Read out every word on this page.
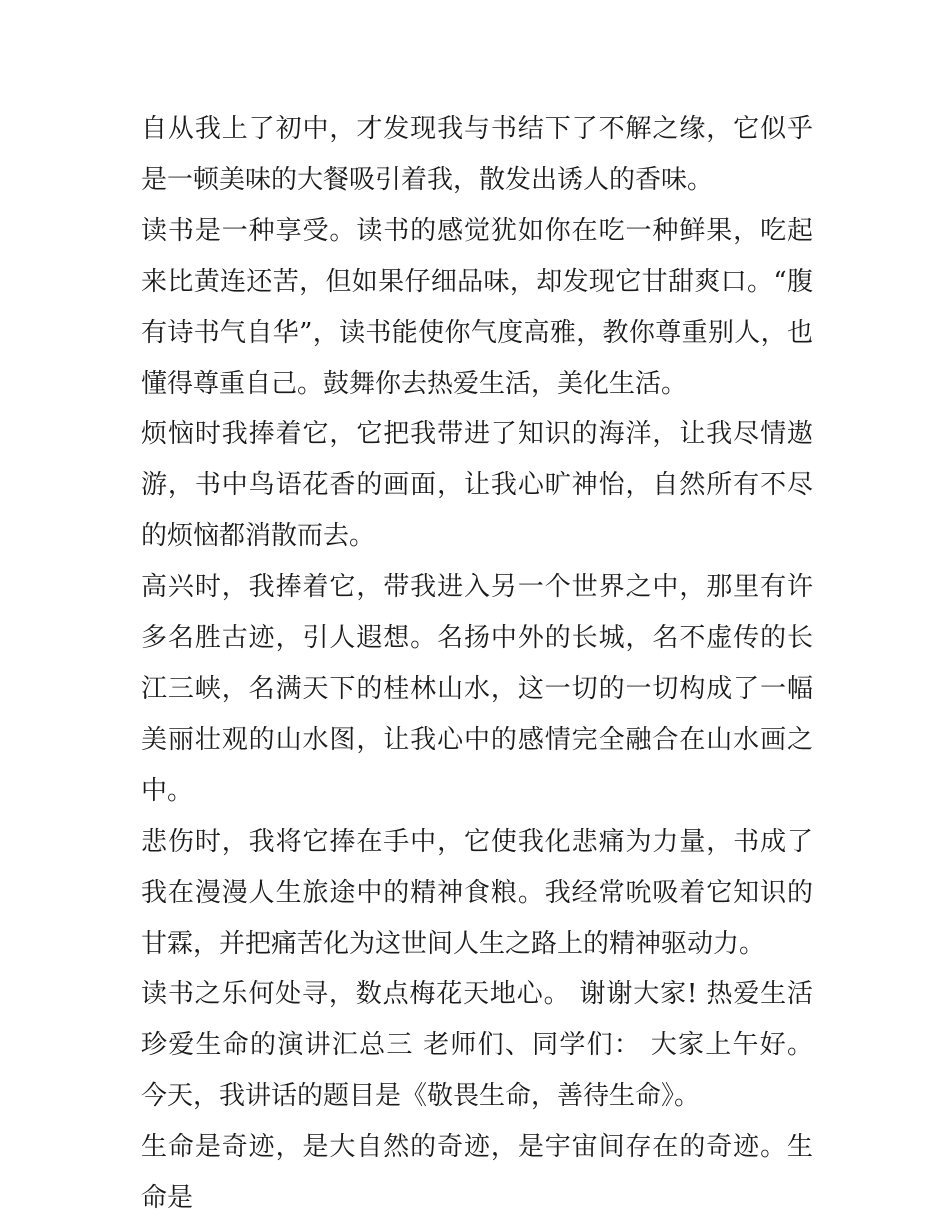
自从我上了初中，才发现我与书结下了不解之缘，它似乎是一顿美味的大餐吸引着我，散发出诱人的香味。

读书是一种享受。读书的感觉犹如你在吃一种鲜果，吃起来比黄连还苦，但如果仔细品味，却发现它甘甜爽口。“腹有诗书气自华”，读书能使你气度高雅，教你尊重别人，也懂得尊重自己。鼓舞你去热爱生活，美化生活。

烦恼时我捧着它，它把我带进了知识的海洋，让我尽情遨游，书中鸟语花香的画面，让我心旷神怡，自然所有不尽的烦恼都消散而去。

高兴时，我捧着它，带我进入另一个世界之中，那里有许多名胜古迹，引人遐想。名扬中外的长城，名不虚传的长江三峡，名满天下的桂林山水，这一切的一切构成了一幅美丽壮观的山水图，让我心中的感情完全融合在山水画之中。

悲伤时，我将它捧在手中，它使我化悲痛为力量，书成了我在漫漫人生旅途中的精神食粮。我经常吮吸着它知识的甘霖，并把痛苦化为这世间人生之路上的精神驱动力。

读书之乐何处寻，数点梅花天地心。 谢谢大家! 热爱生活珍爱生命的演讲汇总三 老师们、同学们： 大家上午好。 今天，我讲话的题目是《敬畏生命，善待生命》。

生命是奇迹，是大自然的奇迹，是宇宙间存在的奇迹。生命是
